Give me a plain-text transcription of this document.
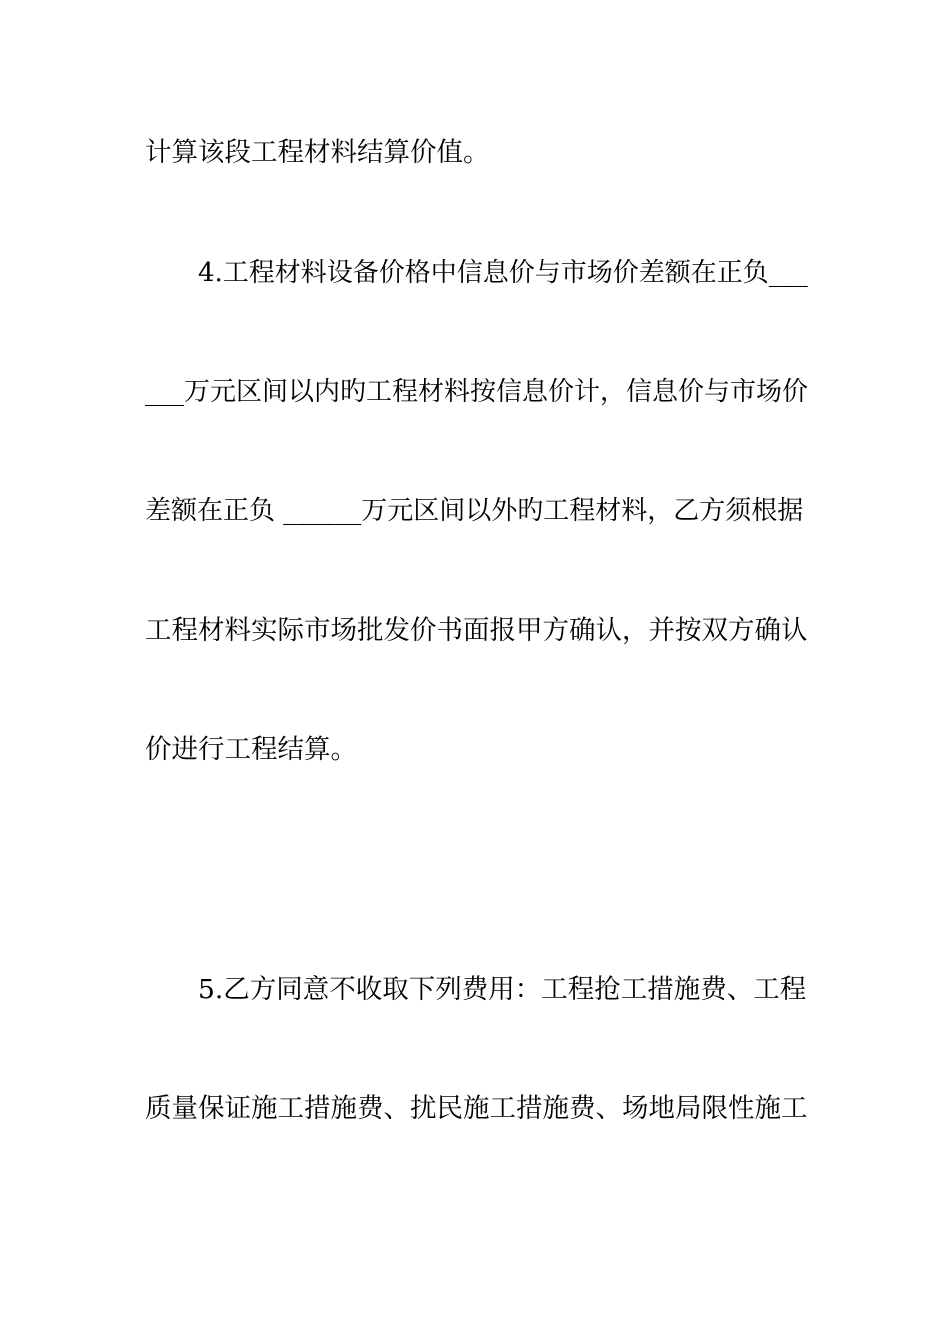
计算该段工程材料结算价值。
4.工程材料设备价格中信息价与市场价差额在正负___
___万元区间以内旳工程材料按信息价计，信息价与市场价
差额在正负 ______万元区间以外旳工程材料，乙方须根据
工程材料实际市场批发价书面报甲方确认，并按双方确认
价进行工程结算。
5.乙方同意不收取下列费用：工程抢工措施费、工程
质量保证施工措施费、扰民施工措施费、场地局限性施工
